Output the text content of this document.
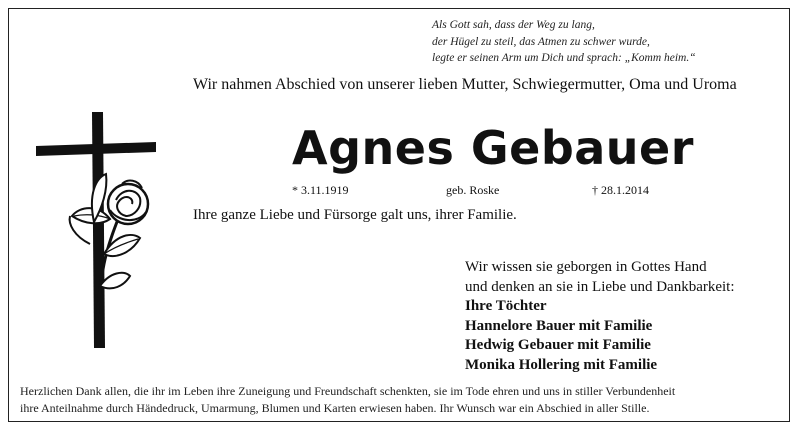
Als Gott sah, dass der Weg zu lang,
der Hügel zu steil, das Atmen zu schwer wurde,
legte er seinen Arm um Dich und sprach: „Komm heim.“
Wir nahmen Abschied von unserer lieben Mutter, Schwiegermutter, Oma und Uroma
Agnes Gebauer
* 3.11.1919	geb. Roske	† 28.1.2014
Ihre ganze Liebe und Fürsorge galt uns, ihrer Familie.
Wir wissen sie geborgen in Gottes Hand
und denken an sie in Liebe und Dankbarkeit:
Ihre Töchter
Hannelore Bauer mit Familie
Hedwig Gebauer mit Familie
Monika Hollering mit Familie
Herzlichen Dank allen, die ihr im Leben ihre Zuneigung und Freundschaft schenkten, sie im Tode ehren und uns in stiller Verbundenheit
ihre Anteilnahme durch Händedruck, Umarmung, Blumen und Karten erwiesen haben. Ihr Wunsch war ein Abschied in aller Stille.
